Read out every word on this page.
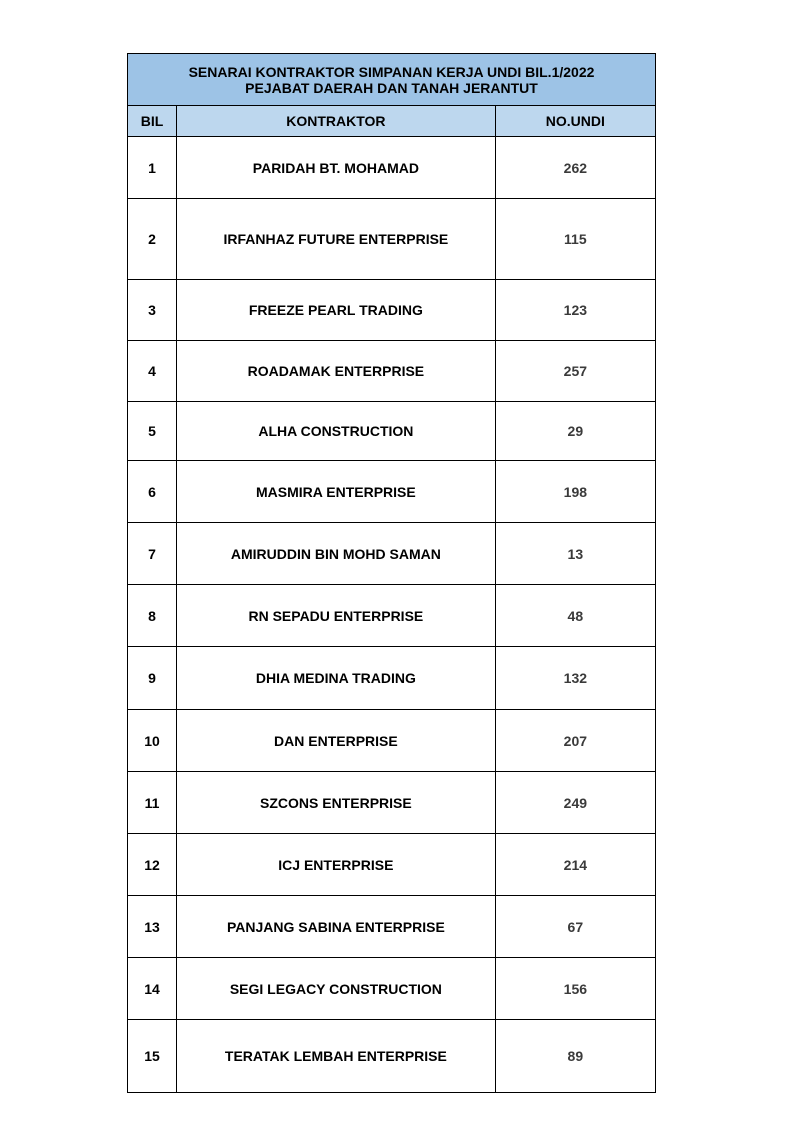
SENARAI KONTRAKTOR SIMPANAN KERJA UNDI BIL.1/2022
PEJABAT DAERAH DAN TANAH JERANTUT		

BIL	KONTRAKTOR	NO.UNDI
1	PARIDAH BT. MOHAMAD	262
2	IRFANHAZ FUTURE ENTERPRISE	115
3	FREEZE PEARL TRADING	123
4	ROADAMAK ENTERPRISE	257
5	ALHA CONSTRUCTION	29
6	MASMIRA ENTERPRISE	198
7	AMIRUDDIN BIN MOHD SAMAN	13
8	RN SEPADU ENTERPRISE	48
9	DHIA MEDINA TRADING	132
10	DAN ENTERPRISE	207
11	SZCONS ENTERPRISE	249
12	ICJ ENTERPRISE	214
13	PANJANG SABINA ENTERPRISE	67
14	SEGI LEGACY CONSTRUCTION	156
15	TERATAK LEMBAH ENTERPRISE	89
